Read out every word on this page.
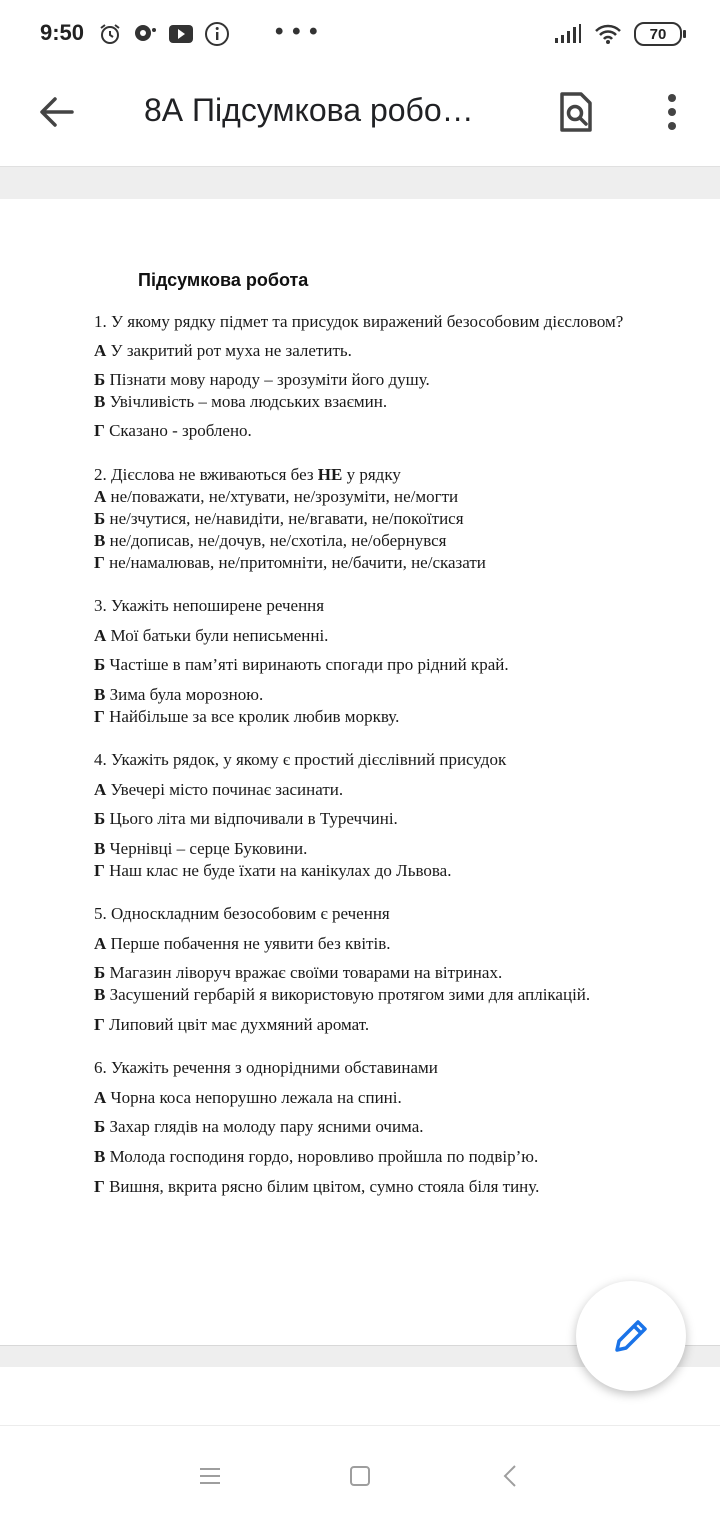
9:50	• • •	70
8А Підсумкова робо…
Підсумкова робота
1. У якому рядку підмет та присудок виражений безособовим дієсловом?
А У закритий рот муха не залетить.
Б Пізнати мову народу – зрозуміти його душу.
В Увічливість – мова людських взаємин.
Г Сказано - зроблено.
2. Дієслова не вживаються без НЕ у рядку
А не/поважати, не/хтувати, не/зрозуміти, не/могти
Б не/зчутися, не/навидіти, не/вгавати, не/покоїтися
В не/дописав, не/дочув, не/схотіла, не/обернувся
Г не/намалював, не/притомніти, не/бачити, не/сказати
3. Укажіть непоширене речення
А Мої батьки були неписьменні.
Б Частіше в пам’яті виринають спогади про рідний край.
В Зима була морозною.
Г Найбільше за все кролик любив моркву.
4. Укажіть рядок, у якому є простий дієслівний присудок
А Увечері місто починає засинати.
Б Цього літа ми відпочивали в Туреччині.
В Чернівці – серце Буковини.
Г Наш клас не буде їхати на канікулах до Львова.
5. Односкладним безособовим є речення
А Перше побачення не уявити без квітів.
Б Магазин ліворуч вражає своїми товарами на вітринах.
В Засушений гербарій я використовую протягом зими для аплікацій.
Г Липовий цвіт має духмяний аромат.
6. Укажіть речення з однорідними обставинами
А Чорна коса непорушно лежала на спині.
Б Захар глядів на молоду пару ясними очима.
В Молода господиня гордо, норовливо пройшла по подвір’ю.
Г Вишня, вкрита рясно білим цвітом, сумно стояла біля тину.
